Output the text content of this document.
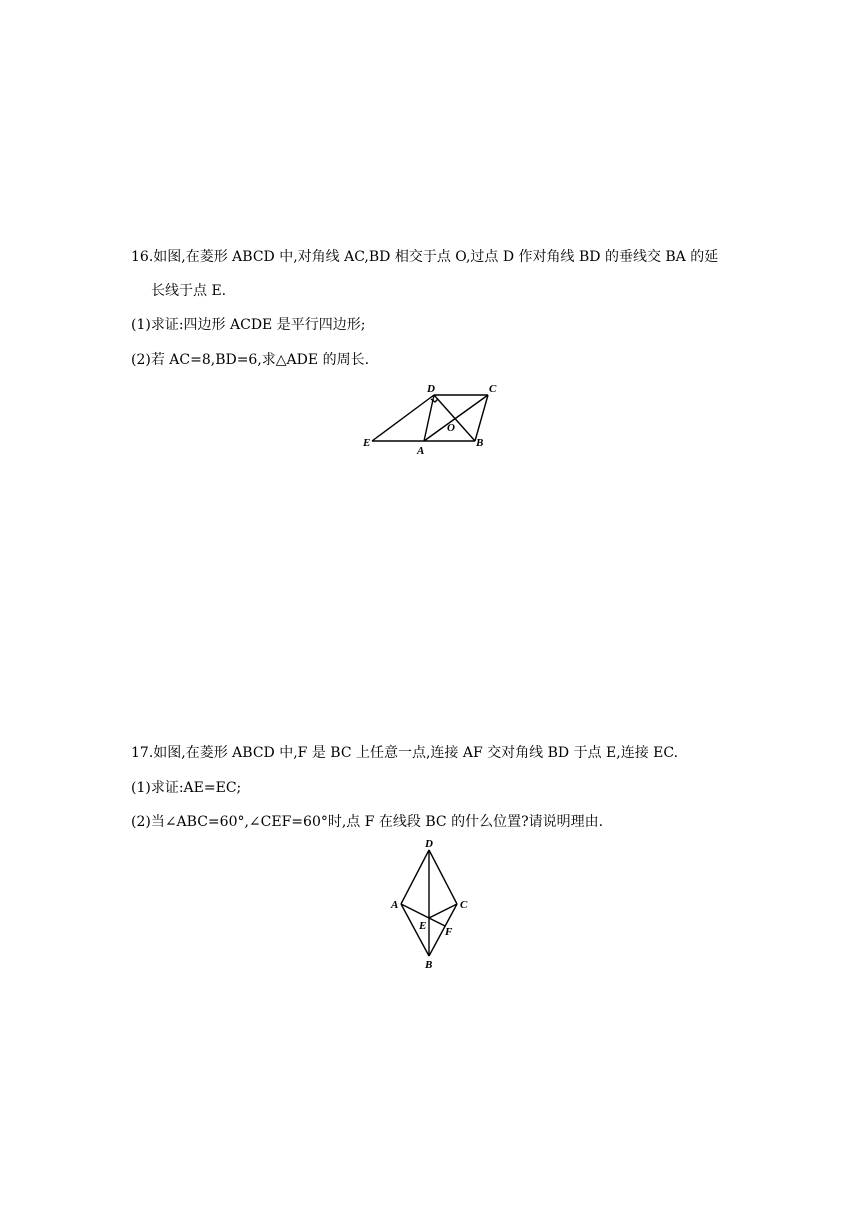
16.如图,在菱形 ABCD 中,对角线 AC,BD 相交于点 O,过点 D 作对角线 BD 的垂线交 BA 的延
长线于点 E.
(1)求证:四边形 ACDE 是平行四边形;
(2)若 AC=8,BD=6,求△ADE 的周长.
D	C
E
A
O
B
17.如图,在菱形 ABCD 中,F 是 BC 上任意一点,连接 AF 交对角线 BD 于点 E,连接 EC.
(1)求证:AE=EC;
(2)当∠ABC=60°,∠CEF=60°时,点 F 在线段 BC 的什么位置?请说明理由.
D
A	C
E F
B
